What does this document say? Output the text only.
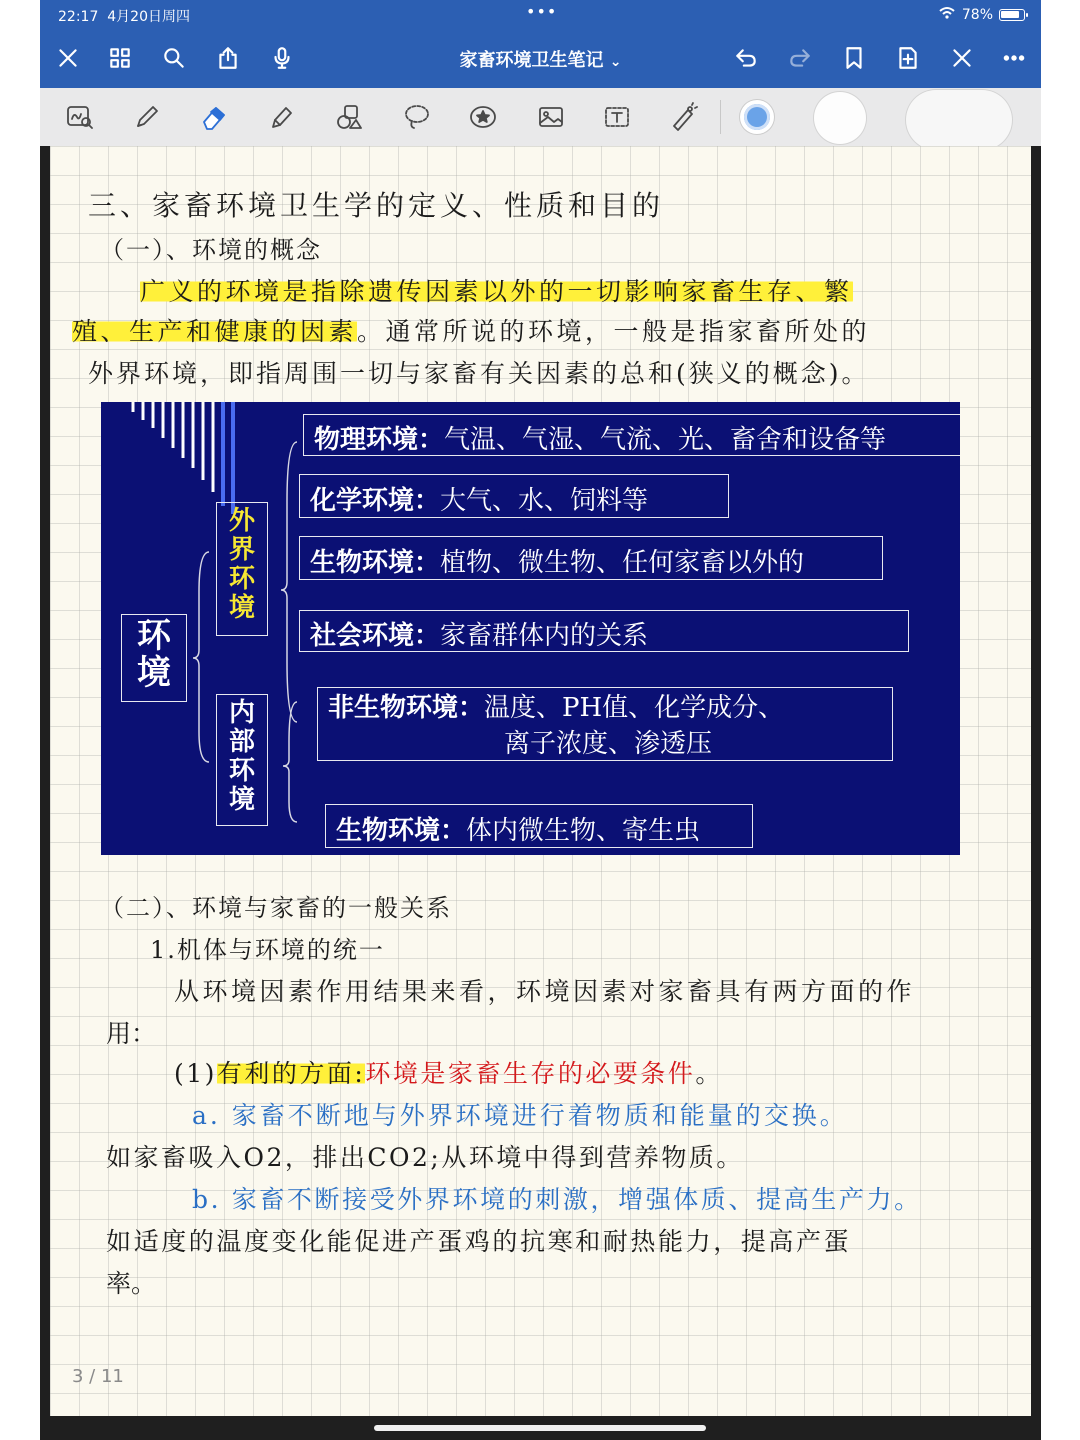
22:17 4月20日周四	•••	78%
家畜环境卫生笔记 ⌄
三、家畜环境卫生学的定义、性质和目的
（一）、环境的概念
广义的环境是指除遗传因素以外的一切影响家畜生存、繁
殖、生产和健康的因素。通常所说的环境，一般是指家畜所处的
外界环境，即指周围一切与家畜有关因素的总和(狭义的概念)。
环
境
外
界
环
境
内
部
环
境
物理环境：气温、气湿、气流、光、畜舍和设备等
化学环境：大气、水、饲料等
生物环境：植物、微生物、任何家畜以外的
社会环境：家畜群体内的关系
非生物环境：温度、PH值、化学成分、
离子浓度、渗透压
生物环境：体内微生物、寄生虫
（二）、环境与家畜的一般关系
1.机体与环境的统一
从环境因素作用结果来看，环境因素对家畜具有两方面的作
用：
(1)有利的方面:环境是家畜生存的必要条件。
a. 家畜不断地与外界环境进行着物质和能量的交换。
如家畜吸入O2，排出CO2;从环境中得到营养物质。
b. 家畜不断接受外界环境的刺激，增强体质、提高生产力。
如适度的温度变化能促进产蛋鸡的抗寒和耐热能力，提高产蛋
率。
3 / 11
